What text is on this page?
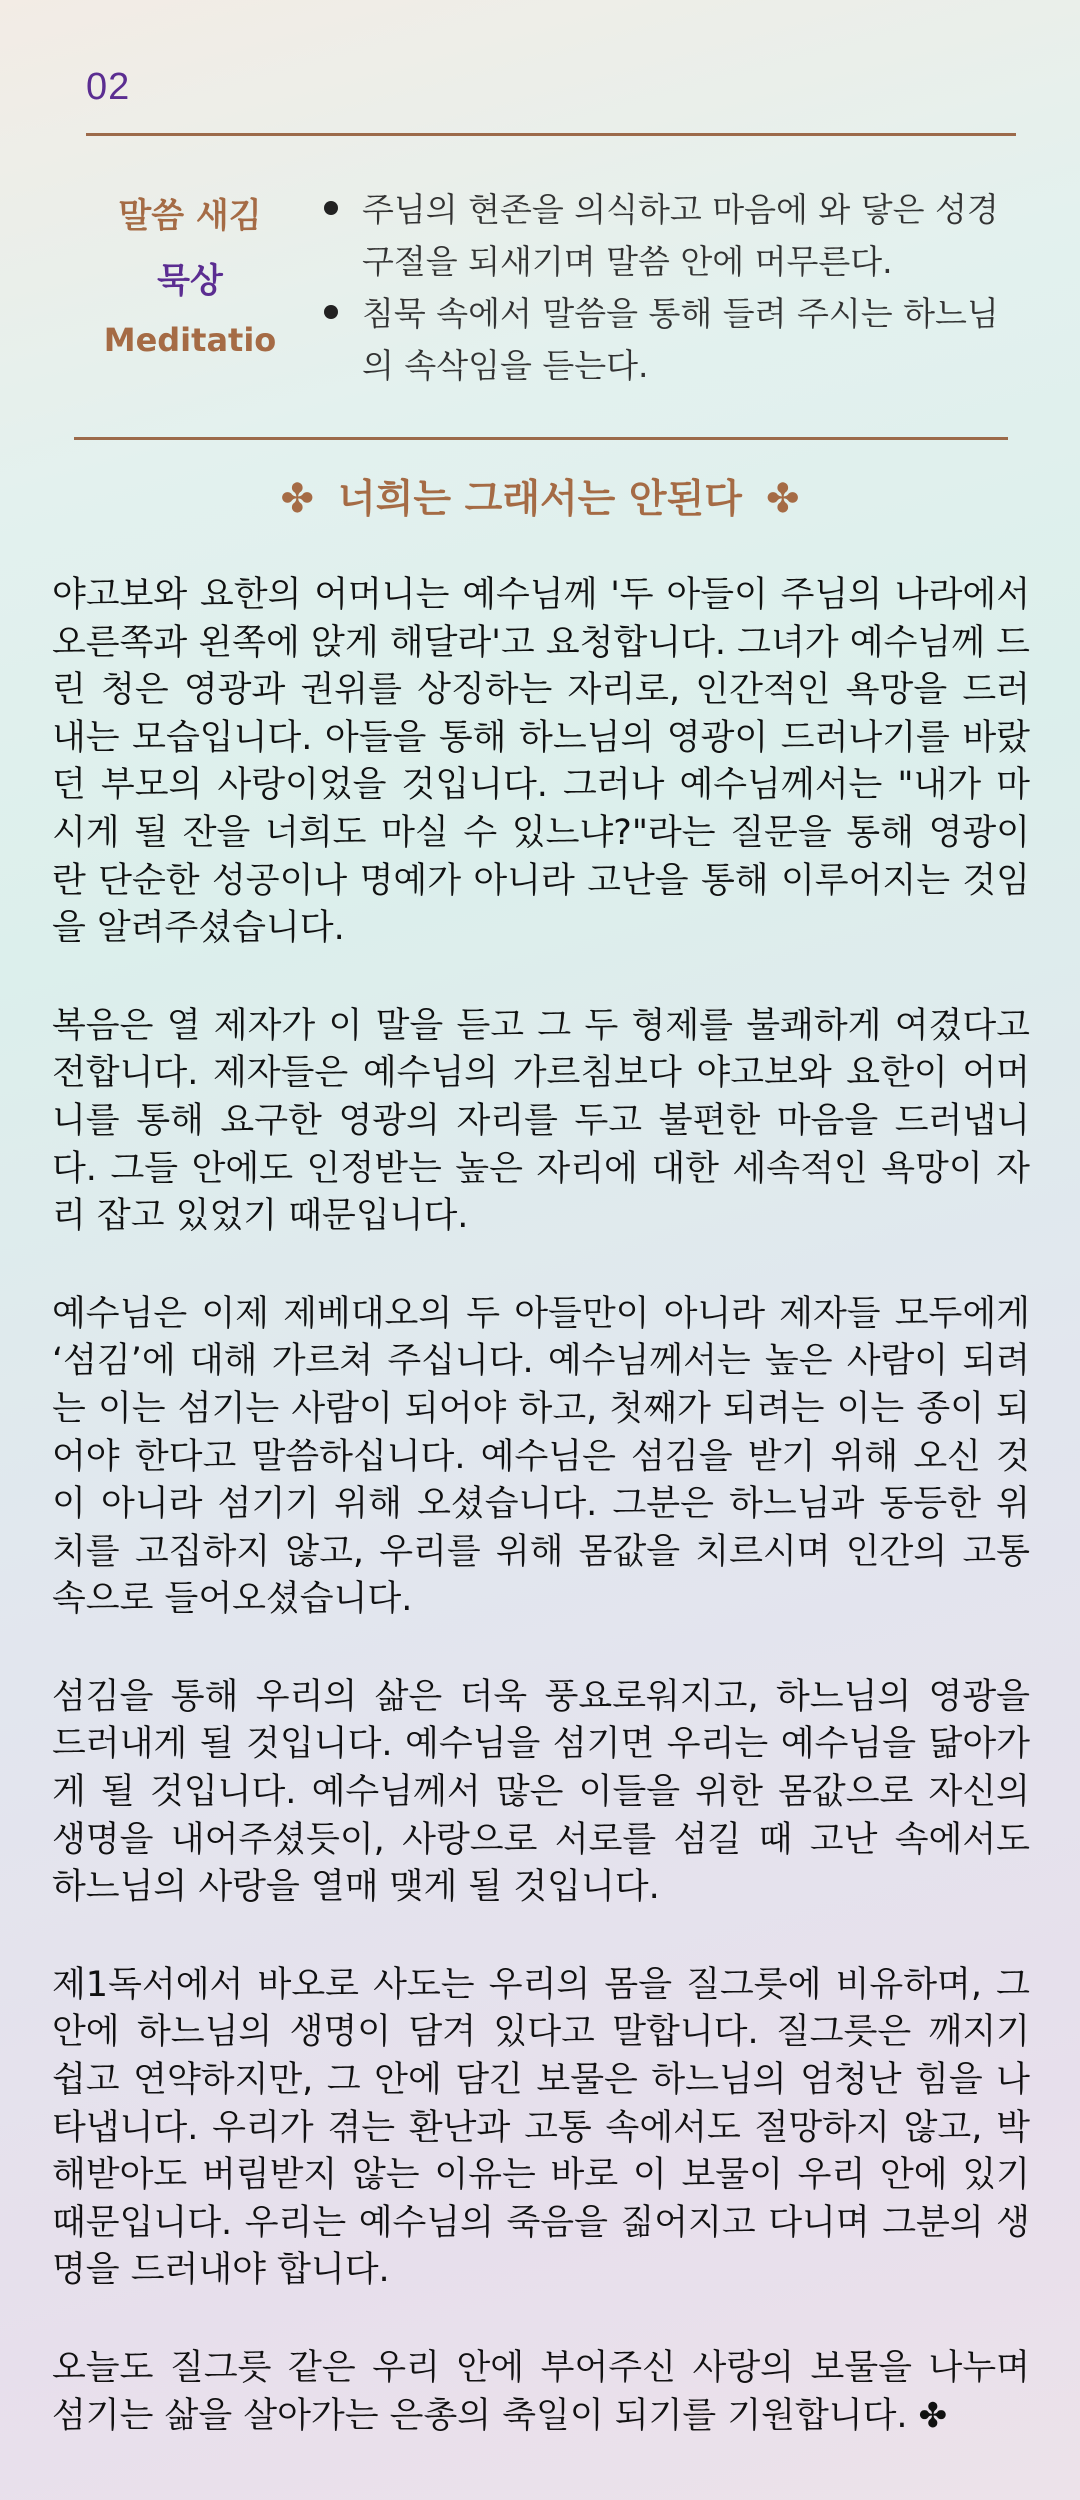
02
말씀 새김
묵상
Meditatio
주님의 현존을 의식하고 마음에 와 닿은 성경구절을 되새기며 말씀 안에 머무른다.
침묵 속에서 말씀을 통해 들려 주시는 하느님의 속삭임을 듣는다.
✤ 너희는 그래서는 안된다 ✤

야고보와 요한의 어머니는 예수님께 '두 아들이 주님의 나라에서 오른쪽과 왼쪽에 앉게 해달라'고 요청합니다. 그녀가 예수님께 드린 청은 영광과 권위를 상징하는 자리로, 인간적인 욕망을 드러내는 모습입니다. 아들을 통해 하느님의 영광이 드러나기를 바랐던 부모의 사랑이었을 것입니다. 그러나 예수님께서는 "내가 마시게 될 잔을 너희도 마실 수 있느냐?"라는 질문을 통해 영광이란 단순한 성공이나 명예가 아니라 고난을 통해 이루어지는 것임을 알려주셨습니다.

복음은 열 제자가 이 말을 듣고 그 두 형제를 불쾌하게 여겼다고 전합니다. 제자들은 예수님의 가르침보다 야고보와 요한이 어머니를 통해 요구한 영광의 자리를 두고 불편한 마음을 드러냅니다. 그들 안에도 인정받는 높은 자리에 대한 세속적인 욕망이 자리 잡고 있었기 때문입니다.

예수님은 이제 제베대오의 두 아들만이 아니라 제자들 모두에게 ‘섬김’에 대해 가르쳐 주십니다. 예수님께서는 높은 사람이 되려는 이는 섬기는 사람이 되어야 하고, 첫째가 되려는 이는 종이 되어야 한다고 말씀하십니다. 예수님은 섬김을 받기 위해 오신 것이 아니라 섬기기 위해 오셨습니다. 그분은 하느님과 동등한 위치를 고집하지 않고, 우리를 위해 몸값을 치르시며 인간의 고통 속으로 들어오셨습니다.

섬김을 통해 우리의 삶은 더욱 풍요로워지고, 하느님의 영광을 드러내게 될 것입니다. 예수님을 섬기면 우리는 예수님을 닮아가게 될 것입니다. 예수님께서 많은 이들을 위한 몸값으로 자신의 생명을 내어주셨듯이, 사랑으로 서로를 섬길 때 고난 속에서도 하느님의 사랑을 열매 맺게 될 것입니다.

제1독서에서 바오로 사도는 우리의 몸을 질그릇에 비유하며, 그 안에 하느님의 생명이 담겨 있다고 말합니다. 질그릇은 깨지기 쉽고 연약하지만, 그 안에 담긴 보물은 하느님의 엄청난 힘을 나타냅니다. 우리가 겪는 환난과 고통 속에서도 절망하지 않고, 박해받아도 버림받지 않는 이유는 바로 이 보물이 우리 안에 있기 때문입니다. 우리는 예수님의 죽음을 짊어지고 다니며 그분의 생명을 드러내야 합니다.

오늘도 질그릇 같은 우리 안에 부어주신 사랑의 보물을 나누며 섬기는 삶을 살아가는 은총의 축일이 되기를 기원합니다. ✤
